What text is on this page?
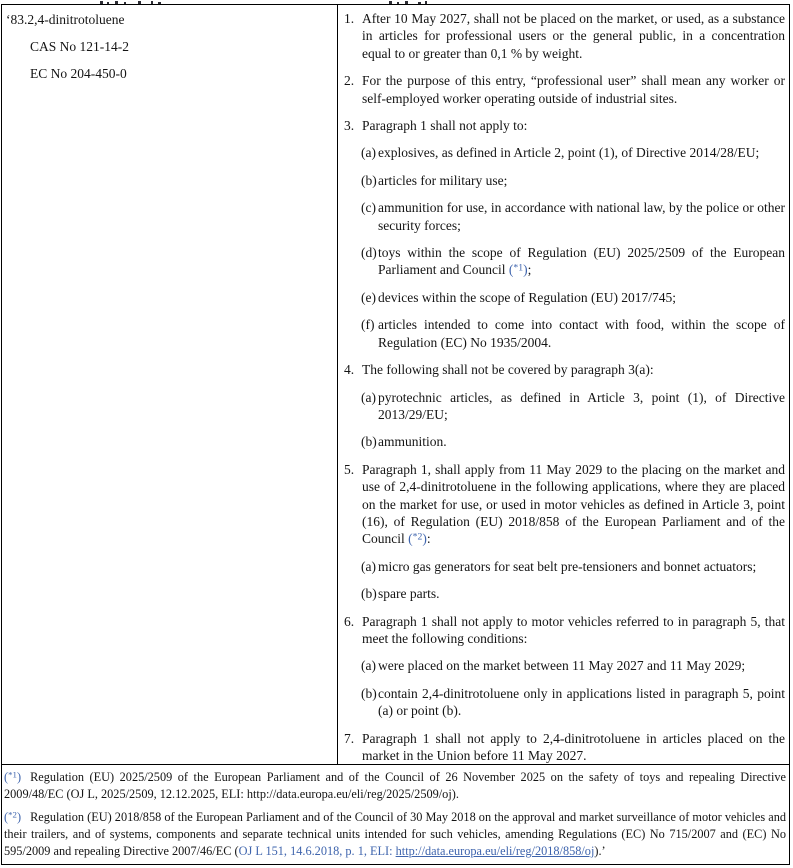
‘83.2,4-dinitrotoluene
CAS No 121-14-2
EC No 204-450-0
1. After 10 May 2027, shall not be placed on the market, or used, as a substance in articles for professional users or the general public, in a concentration equal to or greater than 0,1 % by weight.
2. For the purpose of this entry, “professional user” shall mean any worker or self-employed worker operating outside of industrial sites.
3. Paragraph 1 shall not apply to:
(a) explosives, as defined in Article 2, point (1), of Directive 2014/28/EU;
(b) articles for military use;
(c) ammunition for use, in accordance with national law, by the police or other security forces;
(d) toys within the scope of Regulation (EU) 2025/2509 of the European Parliament and Council ($^{*1}$);
(e) devices within the scope of Regulation (EU) 2017/745;
(f) articles intended to come into contact with food, within the scope of Regulation (EC) No 1935/2004.
4. The following shall not be covered by paragraph 3(a):
(a) pyrotechnic articles, as defined in Article 3, point (1), of Directive 2013/29/EU;
(b) ammunition.
5. Paragraph 1, shall apply from 11 May 2029 to the placing on the market and use of 2,4-dinitrotoluene in the following applications, where they are placed on the market for use, or used in motor vehicles as defined in Article 3, point (16), of Regulation (EU) 2018/858 of the European Parliament and of the Council ($^{*2}$):
(a) micro gas generators for seat belt pre-tensioners and bonnet actuators;
(b) spare parts.
6. Paragraph 1 shall not apply to motor vehicles referred to in paragraph 5, that meet the following conditions:
(a) were placed on the market between 11 May 2027 and 11 May 2029;
(b) contain 2,4-dinitrotoluene only in applications listed in paragraph 5, point (a) or point (b).
7. Paragraph 1 shall not apply to 2,4-dinitrotoluene in articles placed on the market in the Union before 11 May 2027.

($^{*1}$) Regulation (EU) 2025/2509 of the European Parliament and of the Council of 26 November 2025 on the safety of toys and repealing Directive 2009/48/EC (OJ L, 2025/2509, 12.12.2025, ELI: http://data.europa.eu/eli/reg/2025/2509/oj).

($^{*2}$) Regulation (EU) 2018/858 of the European Parliament and of the Council of 30 May 2018 on the approval and market surveillance of motor vehicles and their trailers, and of systems, components and separate technical units intended for such vehicles, amending Regulations (EC) No 715/2007 and (EC) No 595/2009 and repealing Directive 2007/46/EC (OJ L 151, 14.6.2018, p. 1, ELI: http://data.europa.eu/eli/reg/2018/858/oj).’
